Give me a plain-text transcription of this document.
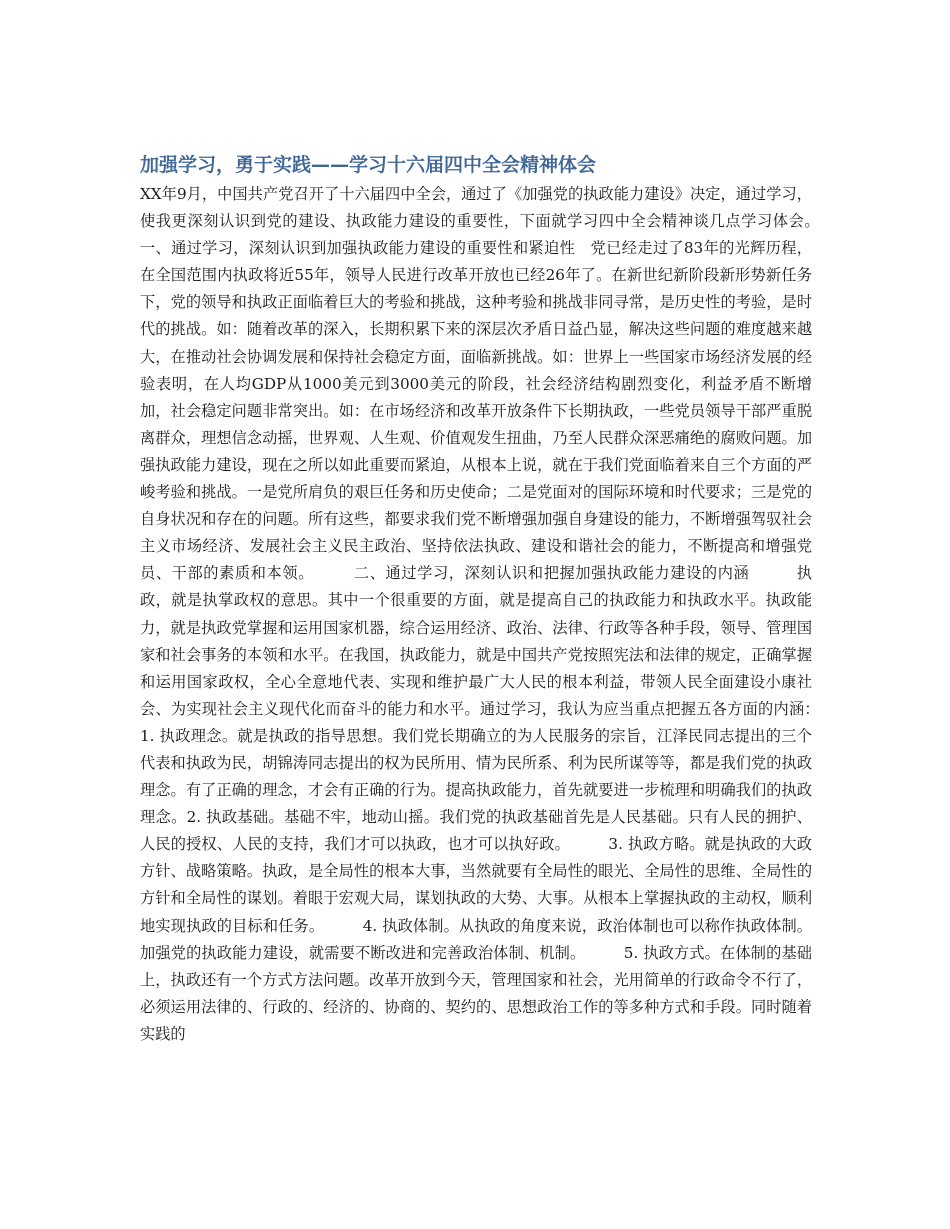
加强学习，勇于实践——学习十六届四中全会精神体会

XX年9月，中国共产党召开了十六届四中全会，通过了《加强党的执政能力建设》决定，通过学习，使我更深刻认识到党的建设、执政能力建设的重要性，下面就学习四中全会精神谈几点学习体会。　　　一、通过学习，深刻认识到加强执政能力建设的重要性和紧迫性　党已经走过了83年的光辉历程，在全国范围内执政将近55年，领导人民进行改革开放也已经26年了。在新世纪新阶段新形势新任务下，党的领导和执政正面临着巨大的考验和挑战，这种考验和挑战非同寻常，是历史性的考验，是时代的挑战。如：随着改革的深入，长期积累下来的深层次矛盾日益凸显，解决这些问题的难度越来越大，在推动社会协调发展和保持社会稳定方面，面临新挑战。如：世界上一些国家市场经济发展的经验表明，在人均GDP从1000美元到3000美元的阶段，社会经济结构剧烈变化，利益矛盾不断增加，社会稳定问题非常突出。如：在市场经济和改革开放条件下长期执政，一些党员领导干部严重脱离群众，理想信念动摇，世界观、人生观、价值观发生扭曲，乃至人民群众深恶痛绝的腐败问题。加强执政能力建设，现在之所以如此重要而紧迫，从根本上说，就在于我们党面临着来自三个方面的严峻考验和挑战。一是党所肩负的艰巨任务和历史使命；二是党面对的国际环境和时代要求；三是党的自身状况和存在的问题。所有这些，都要求我们党不断增强加强自身建设的能力，不断增强驾驭社会主义市场经济、发展社会主义民主政治、坚持依法执政、建设和谐社会的能力，不断提高和增强党员、干部的素质和本领。　　　二、通过学习，深刻认识和把握加强执政能力建设的内涵　　　执政，就是执掌政权的意思。其中一个很重要的方面，就是提高自己的执政能力和执政水平。执政能力，就是执政党掌握和运用国家机器，综合运用经济、政治、法律、行政等各种手段，领导、管理国家和社会事务的本领和水平。在我国，执政能力，就是中国共产党按照宪法和法律的规定，正确掌握和运用国家政权，全心全意地代表、实现和维护最广大人民的根本利益，带领人民全面建设小康社会、为实现社会主义现代化而奋斗的能力和水平。通过学习，我认为应当重点把握五各方面的内涵：　　　1. 执政理念。就是执政的指导思想。我们党长期确立的为人民服务的宗旨，江泽民同志提出的三个代表和执政为民，胡锦涛同志提出的权为民所用、情为民所系、利为民所谋等等，都是我们党的执政理念。有了正确的理念，才会有正确的行为。提高执政能力，首先就要进一步梳理和明确我们的执政理念。2. 执政基础。基础不牢，地动山摇。我们党的执政基础首先是人民基础。只有人民的拥护、人民的授权、人民的支持，我们才可以执政，也才可以执好政。　　　3. 执政方略。就是执政的大政方针、战略策略。执政，是全局性的根本大事，当然就要有全局性的眼光、全局性的思维、全局性的方针和全局性的谋划。着眼于宏观大局，谋划执政的大势、大事。从根本上掌握执政的主动权，顺利地实现执政的目标和任务。　　　4. 执政体制。从执政的角度来说，政治体制也可以称作执政体制。加强党的执政能力建设，就需要不断改进和完善政治体制、机制。　　　5. 执政方式。在体制的基础上，执政还有一个方式方法问题。改革开放到今天，管理国家和社会，光用简单的行政命令不行了，必须运用法律的、行政的、经济的、协商的、契约的、思想政治工作的等多种方式和手段。同时随着实践的
